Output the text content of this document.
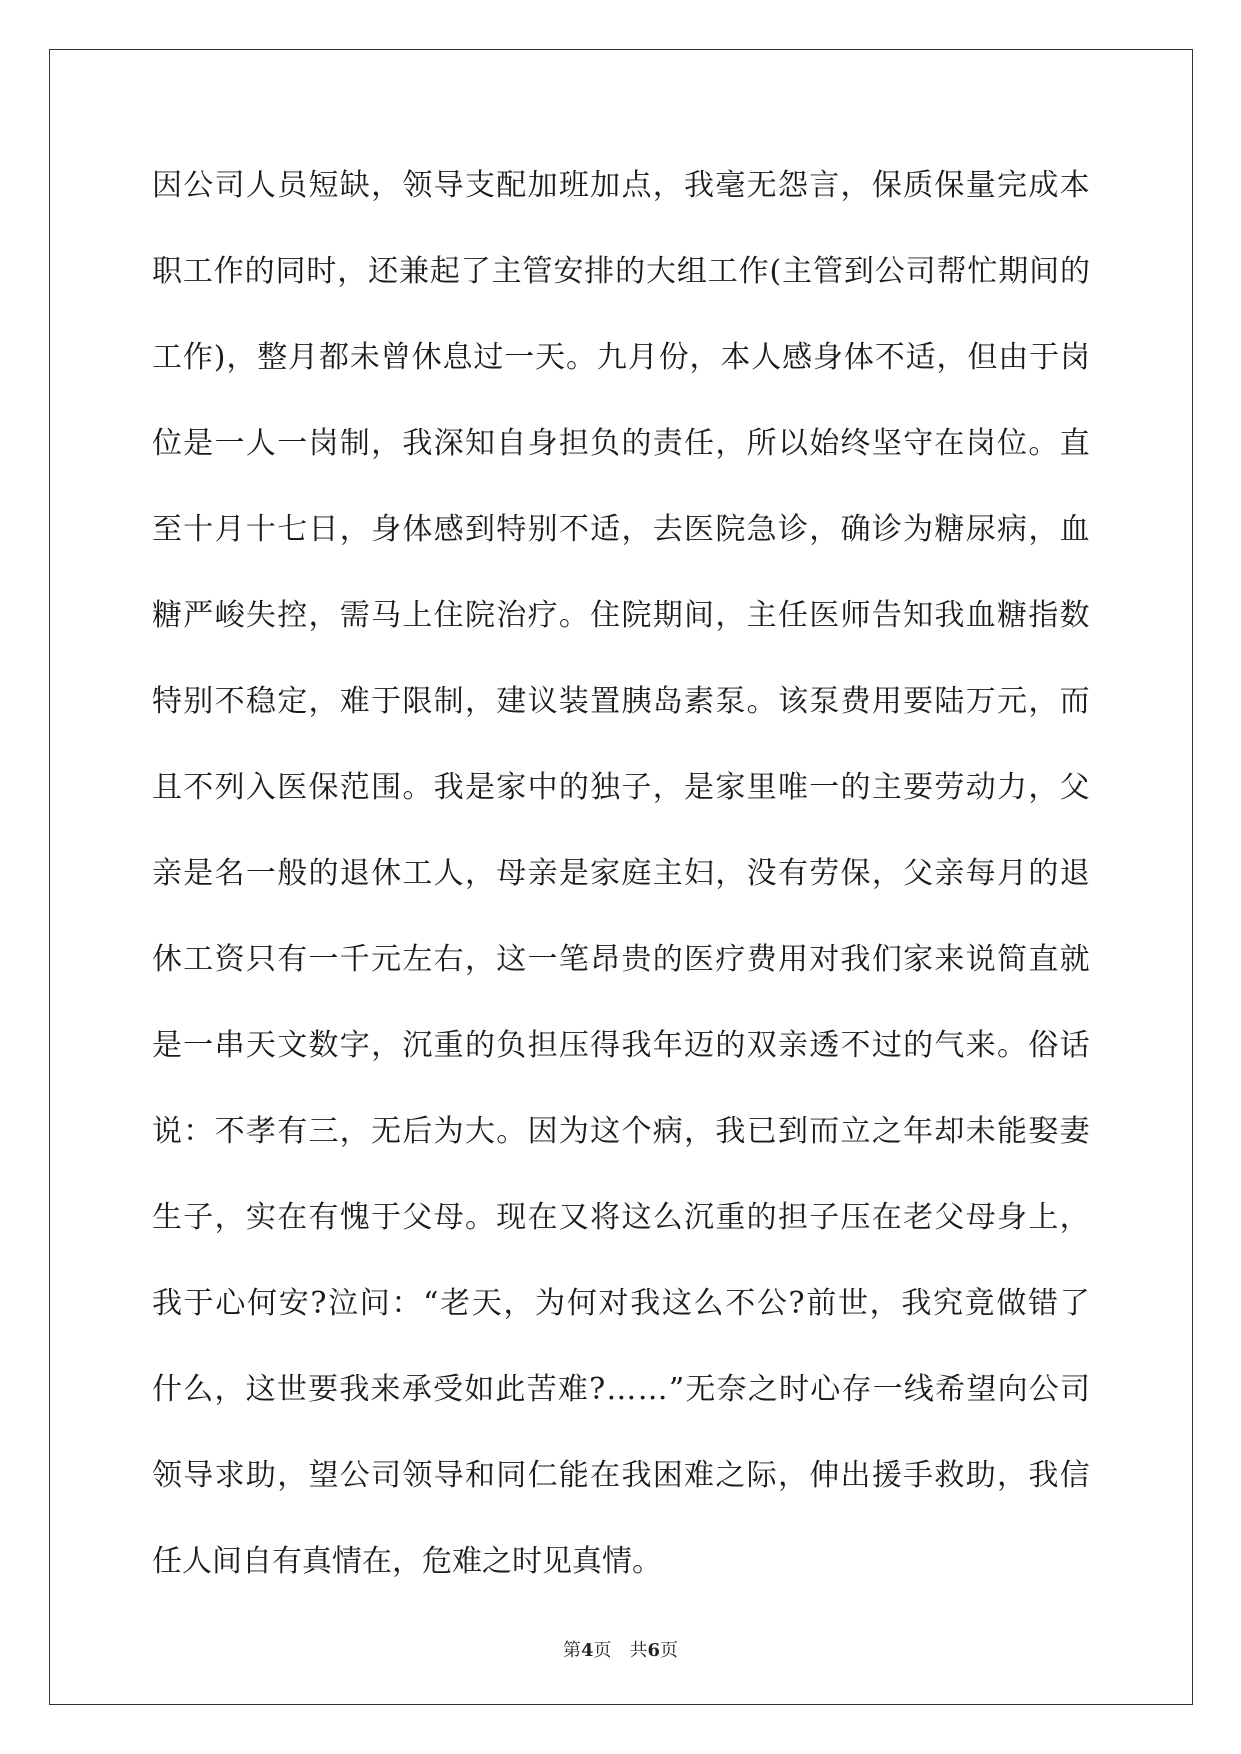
因 公 司 人 员 短 缺 ， 领 导 支 配 加 班 加 点 ， 我 毫 无 怨 言 ， 保 质 保 量 完 成 本
职 工 作 的 同 时 ， 还 兼 起 了 主 管 安 排 的 大 组 工 作 ( 主 管 到 公 司 帮 忙 期 间 的
工 作 ) ， 整 月 都 未 曾 休 息 过 一 天 。 九 月 份 ， 本 人 感 身 体 不 适 ， 但 由 于 岗
位 是 一 人 一 岗 制 ， 我 深 知 自 身 担 负 的 责 任 ， 所 以 始 终 坚 守 在 岗 位 。 直
至 十 月 十 七 日 ， 身 体 感 到 特 别 不 适 ， 去 医 院 急 诊 ， 确 诊 为 糖 尿 病 ， 血
糖 严 峻 失 控 ， 需 马 上 住 院 治 疗 。 住 院 期 间 ， 主 任 医 师 告 知 我 血 糖 指 数
特 别 不 稳 定 ， 难 于 限 制 ， 建 议 装 置 胰 岛 素 泵 。 该 泵 费 用 要 陆 万 元 ， 而
且 不 列 入 医 保 范 围 。 我 是 家 中 的 独 子 ， 是 家 里 唯 一 的 主 要 劳 动 力 ， 父
亲 是 名 一 般 的 退 休 工 人 ， 母 亲 是 家 庭 主 妇 ， 没 有 劳 保 ， 父 亲 每 月 的 退
休 工 资 只 有 一 千 元 左 右 ， 这 一 笔 昂 贵 的 医 疗 费 用 对 我 们 家 来 说 简 直 就
是 一 串 天 文 数 字 ， 沉 重 的 负 担 压 得 我 年 迈 的 双 亲 透 不 过 的 气 来 。 俗 话
说 ： 不 孝 有 三 ， 无 后 为 大 。 因 为 这 个 病 ， 我 已 到 而 立 之 年 却 未 能 娶 妻
生 子 ， 实 在 有 愧 于 父 母 。 现 在 又 将 这 么 沉 重 的 担 子 压 在 老 父 母 身 上 ，
我 于 心 何 安 ? 泣 问 ： “ 老 天 ， 为 何 对 我 这 么 不 公 ? 前 世 ， 我 究 竟 做 错 了
什 么 ， 这 世 要 我 来 承 受 如 此 苦 难 ? … … ” 无 奈 之 时 心 存 一 线 希 望 向 公 司
领 导 求 助 ， 望 公 司 领 导 和 同 仁 能 在 我 困 难 之 际 ， 伸 出 援 手 救 助 ， 我 信
任人间自有真情在，危难之时见真情。
第4页 共6页
